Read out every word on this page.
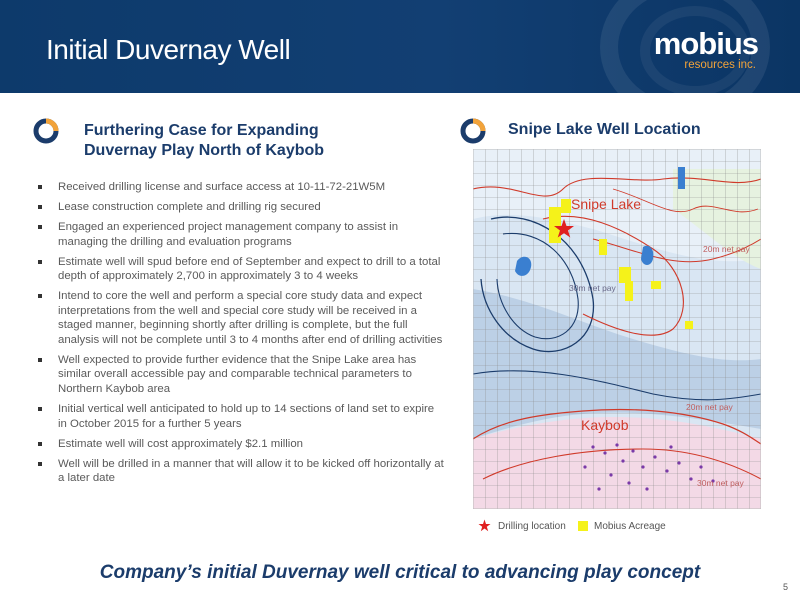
Initial Duvernay Well	mobius
resources inc.
Furthering Case for Expanding
Duvernay Play North of Kaybob
Received drilling license and surface access at 10-11-72-21W5M
Lease construction complete and drilling rig secured
Engaged an experienced project management company to assist in managing the drilling and evaluation programs
Estimate well will spud before end of September and expect to drill to a total depth of approximately 2,700 in approximately 3 to 4 weeks
Intend to core the well and perform a special core study data and expect interpretations from the well and special core study will be received in a staged manner, beginning shortly after drilling is complete, but the full analysis will not be complete until 3 to 4 months after end of drilling activities
Well expected to provide further evidence that the Snipe Lake area has similar overall accessible pay and comparable technical parameters to Northern Kaybob area
Initial vertical well anticipated to hold up to 14 sections of land set to expire in October 2015 for a further 5 years
Estimate well will cost approximately $2.1 million
Well will be drilled in a manner that will allow it to be kicked off horizontally at a later date
Snipe Lake Well Location
Snipe Lake
Kaybob
20m net pay
30m net pay
20m net pay
30m net pay
Drilling location	Mobius Acreage
Company’s initial Duvernay well critical to advancing play concept
5
